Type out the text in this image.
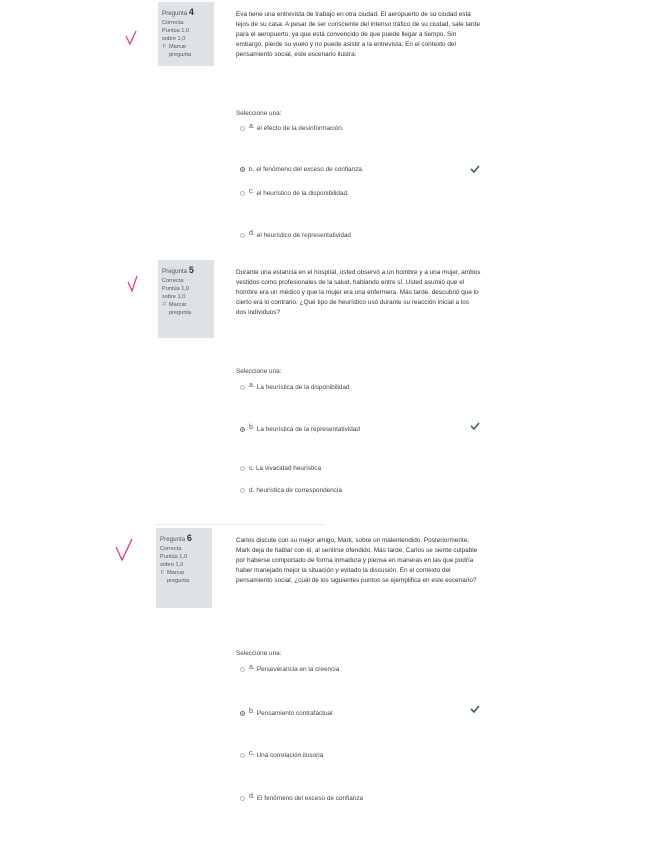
Pregunta 4
Correcta
Puntúa 1,0
sobre 1,0
⚐ Marcar
pregunta
Eva tiene una entrevista de trabajo en otra ciudad. El aeropuerto de su ciudad está lejos de su casa. A pesar de ser consciente del intenso tráfico de su ciudad, sale tarde para el aeropuerto, ya que está convencido de que puede llegar a tiempo. Sin embargo, pierde su vuelo y no puede asistir a la entrevista. En el contexto del pensamiento social, este escenario ilustra:
Seleccione una:
a. el efecto de la desinformación.
b. el fenómeno del exceso de confianza.
c. el heurístico de la disponibilidad.
d. el heurístico de representatividad
Pregunta 5
Correcta
Puntúa 1,0
sobre 1,0
⚐ Marcar
pregunta
Durante una estancia en el hospital, usted observó a un hombre y a una mujer, ambos vestidos como profesionales de la salud, hablando entre sí. Usted asumió que el hombre era un médico y que la mujer era una enfermera. Más tarde, descubrió que lo cierto era lo contrario. ¿Qué tipo de heurístico usó durante su reacción inicial a los dos individuos?
Seleccione una:
a. La heurística de la disponibilidad
b. La heurística de la representatividad
c. La vivacidad heurística
d. heurística de correspondencia
Pregunta 6
Correcta
Puntúa 1,0
sobre 1,0
⚐ Marcar
pregunta
Carlos discute con su mejor amigo, Mark, sobre un malentendido. Posteriormente, Mark deja de hablar con él, al sentirse ofendido. Más tarde, Carlos se siente culpable por haberse comportado de forma inmadura y piensa en maneras en las que podría haber manejado mejor la situación y evitado la discusión. En el contexto del pensamiento social, ¿cuál de los siguientes puntos se ejemplifica en este escenario?
Seleccione una:
a. Perseverancia en la creencia
b. Pensamiento contrafactual
c. Una correlación ilusoria
d. El fenómeno del exceso de confianza
